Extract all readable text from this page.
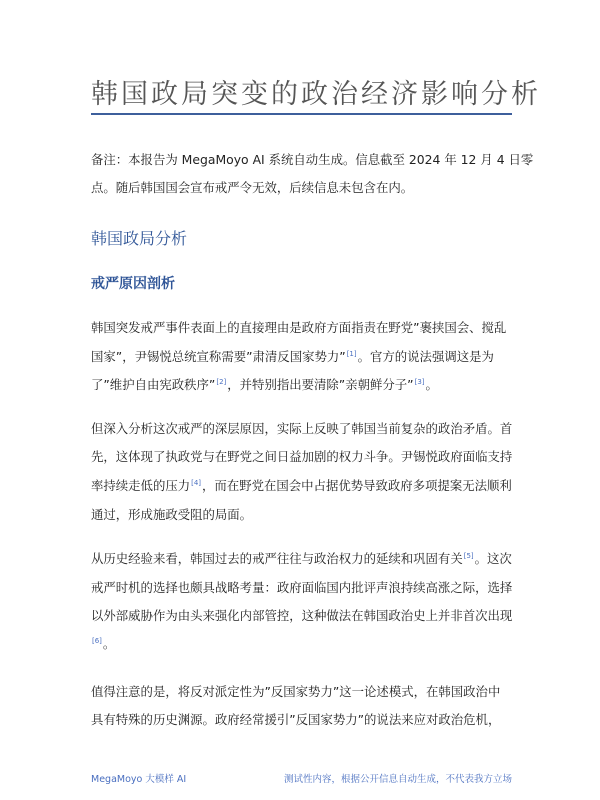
韩国政局突变的政治经济影响分析
备注：本报告为 MegaMoyo AI 系统自动生成。信息截至 2024 年 12 月 4 日零
点。随后韩国国会宣布戒严令无效，后续信息未包含在内。
韩国政局分析
戒严原因剖析
韩国突发戒严事件表面上的直接理由是政府方面指责在野党”裹挟国会、搅乱
国家”，尹锡悦总统宣称需要”肃清反国家势力”[1]。官方的说法强调这是为
了”维护自由宪政秩序”[2]，并特别指出要清除”亲朝鲜分子”[3]。
但深入分析这次戒严的深层原因，实际上反映了韩国当前复杂的政治矛盾。首
先，这体现了执政党与在野党之间日益加剧的权力斗争。尹锡悦政府面临支持
率持续走低的压力[4]，而在野党在国会中占据优势导致政府多项提案无法顺利
通过，形成施政受阻的局面。
从历史经验来看，韩国过去的戒严往往与政治权力的延续和巩固有关[5]。这次
戒严时机的选择也颇具战略考量：政府面临国内批评声浪持续高涨之际，选择
以外部威胁作为由头来强化内部管控，这种做法在韩国政治史上并非首次出现
[6]。
值得注意的是，将反对派定性为”反国家势力”这一论述模式，在韩国政治中
具有特殊的历史渊源。政府经常援引”反国家势力”的说法来应对政治危机，
MegaMoyo 大模样 AI	测试性内容，根据公开信息自动生成，不代表我方立场
